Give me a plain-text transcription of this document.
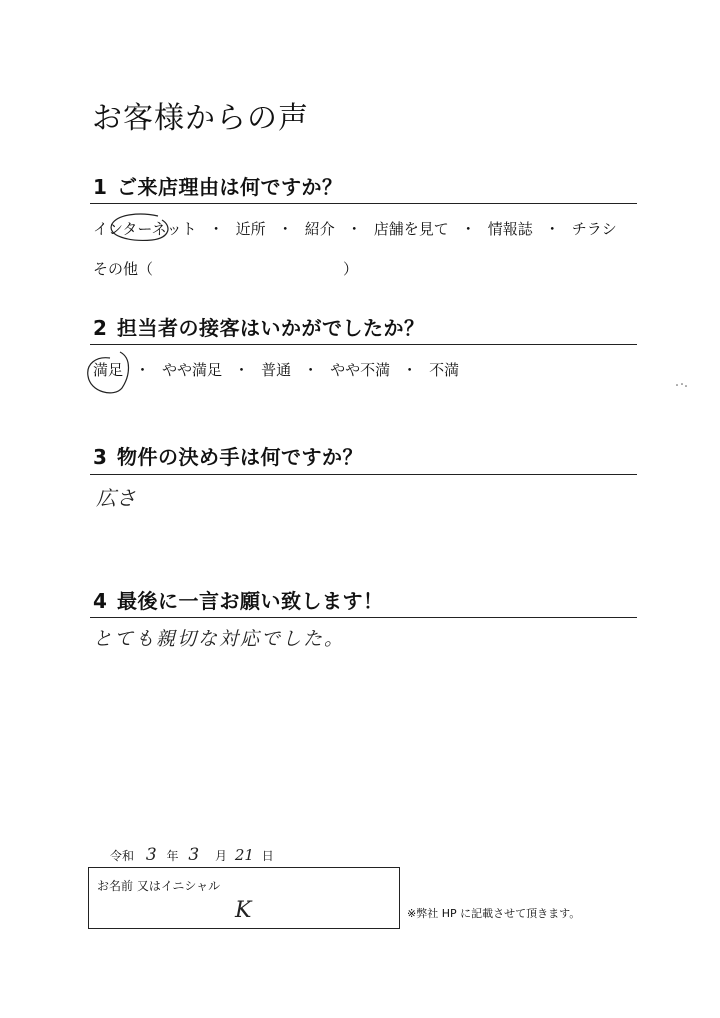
お客様からの声
1 ご来店理由は何ですか？
インターネット ・ 近所 ・ 紹介 ・ 店舗を見て ・ 情報誌 ・ チラシ
その他（	）
2 担当者の接客はいかがでしたか？
満足 ・ やや満足 ・ 普通 ・ やや不満 ・ 不満
3 物件の決め手は何ですか？
広さ
4 最後に一言お願い致します！
とても親切な対応でした。
令和 3 年 3 月 21 日
お名前 又はイニシャル
K	※弊社 HP に記載させて頂きます。
